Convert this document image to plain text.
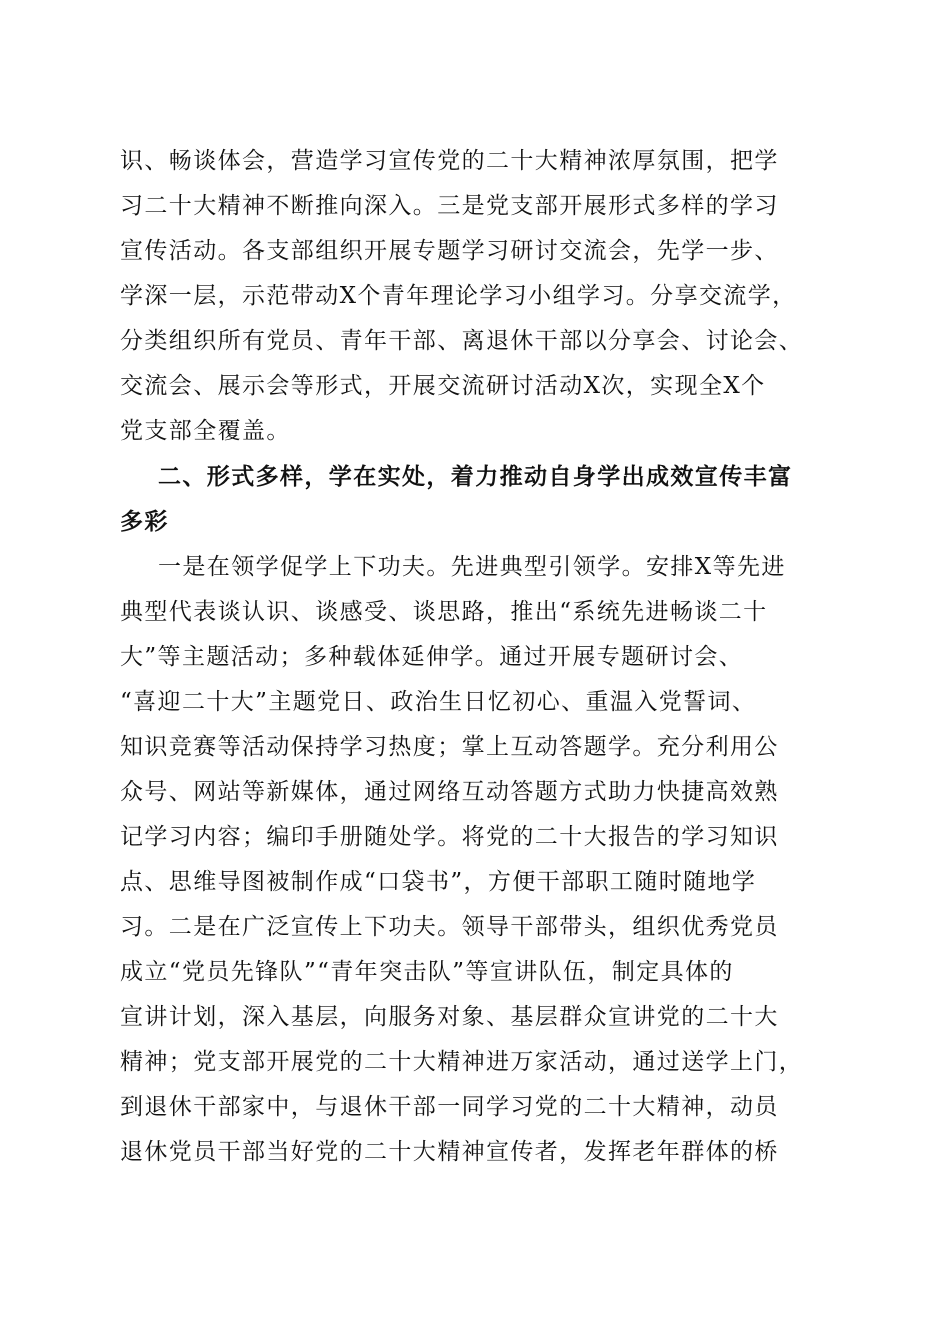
识、畅谈体会，营造学习宣传党的二十大精神浓厚氛围，把学
习二十大精神不断推向深入。三是党支部开展形式多样的学习
宣传活动。各支部组织开展专题学习研讨交流会，先学一步、
学深一层，示范带动X个青年理论学习小组学习。分享交流学，
分类组织所有党员、青年干部、离退休干部以分享会、讨论会、
交流会、展示会等形式，开展交流研讨活动X次，实现全X个
党支部全覆盖。
二、形式多样，学在实处，着力推动自身学出成效宣传丰富
多彩
一是在领学促学上下功夫。先进典型引领学。安排X等先进
典型代表谈认识、谈感受、谈思路，推出“系统先进畅谈二十
大”等主题活动；多种载体延伸学。通过开展专题研讨会、
“喜迎二十大”主题党日、政治生日忆初心、重温入党誓词、
知识竞赛等活动保持学习热度；掌上互动答题学。充分利用公
众号、网站等新媒体，通过网络互动答题方式助力快捷高效熟
记学习内容；编印手册随处学。将党的二十大报告的学习知识
点、思维导图被制作成“口袋书”，方便干部职工随时随地学
习。二是在广泛宣传上下功夫。领导干部带头，组织优秀党员
成立“党员先锋队”“青年突击队”等宣讲队伍，制定具体的
宣讲计划，深入基层，向服务对象、基层群众宣讲党的二十大
精神；党支部开展党的二十大精神进万家活动，通过送学上门，
到退休干部家中，与退休干部一同学习党的二十大精神，动员
退休党员干部当好党的二十大精神宣传者，发挥老年群体的桥
